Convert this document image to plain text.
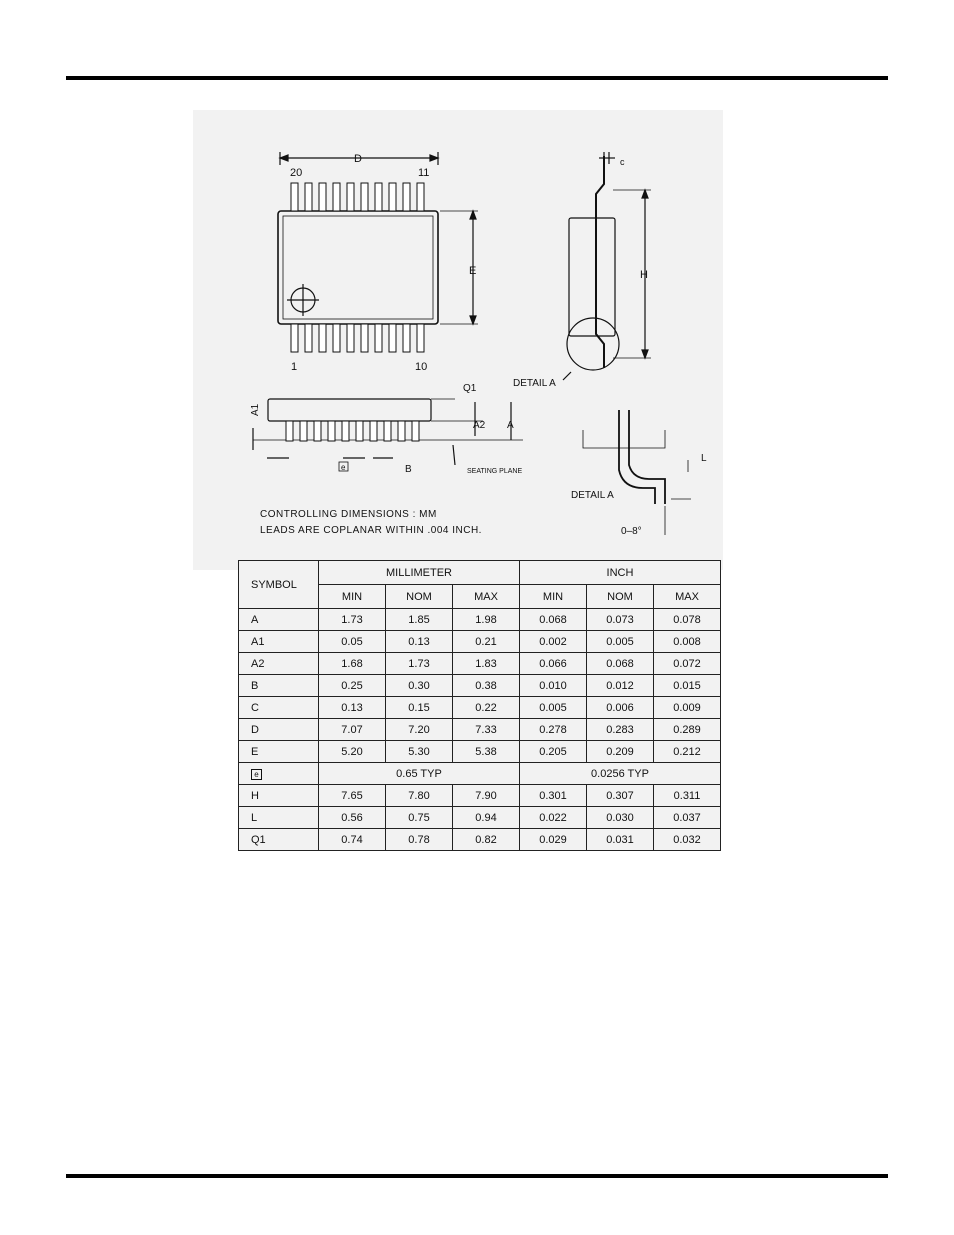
D
20	11
1	10
E
c
H
DETAIL A
Q1
A1
A2 A
B	SEATING PLANE
L
DETAIL A
0–8°
e
CONTROLLING DIMENSIONS : MM
LEADS ARE COPLANAR WITHIN .004 INCH.
SYMBOL	MILLIMETER			INCH		
	MIN	NOM	MAX	MIN	NOM	MAX
A	1.73	1.85	1.98	0.068	0.073	0.078
A1	0.05	0.13	0.21	0.002	0.005	0.008
A2	1.68	1.73	1.83	0.066	0.068	0.072
B	0.25	0.30	0.38	0.010	0.012	0.015
C	0.13	0.15	0.22	0.005	0.006	0.009
D	7.07	7.20	7.33	0.278	0.283	0.289
E	5.20	5.30	5.38	0.205	0.209	0.212
e	0.65 TYP			0.0256 TYP		
H	7.65	7.80	7.90	0.301	0.307	0.311
L	0.56	0.75	0.94	0.022	0.030	0.037
Q1	0.74	0.78	0.82	0.029	0.031	0.032
